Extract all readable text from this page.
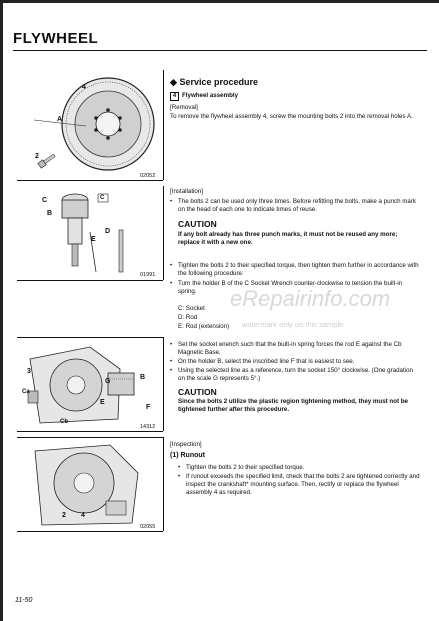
FLYWHEEL
A
4
2
02052
C
B
C
D
E
01991
3
Ca
G
B
E
F
Cb
14312
2 4
02055
◆ Service procedure
4 Flywheel assembly
[Removal]
To remove the flywheel assembly 4, screw the mounting bolts 2 into the removal holes A.
[Installation]
• The bolts 2 can be used only three times. Before refitting the bolts, make a punch mark on the head of each one to indicate times of reuse.
CAUTION
If any bolt already has three punch marks, it must not be reused any more; replace it with a new one.
• Tighten the bolts 2 to their specified torque, then tighten them further in accordance with the following procedure:
• Turn the holder B of the C Socket Wrench counter-clockwise to tension the built-in spring.
C: Socket
D: Rod
E: Rod (extension)
• Set the socket wrench such that the built-in spring forces the rod E against the Cb Magnetic Base.
• On the holder B, select the inscribed line F that is easiest to see.
• Using the selected line as a reference, turn the socket 150° clockwise. (One gradation on the scale G represents 5°.)
CAUTION
Since the bolts 2 utilize the plastic region tightening method, they must not be tightened further after this procedure.
[Inspection]
(1) Runout
• Tighten the bolts 2 to their specified torque.
• If runout exceeds the specified limit, check that the bolts 2 are tightened correctly and inspect the crankshaft* mounting surface. Then, rectify or replace the flywheel assembly 4 as required.
eRepairinfo.com
watermark only on this sample
11-50
